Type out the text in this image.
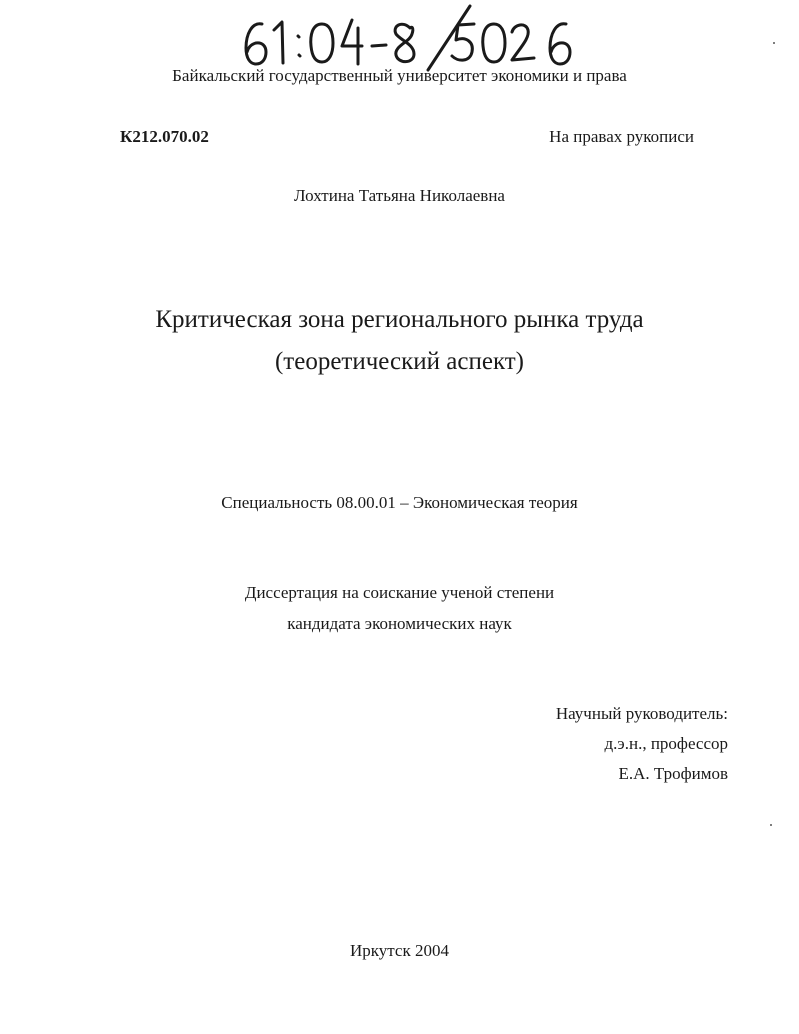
Байкальский государственный университет экономики и права
К212.070.02	На правах рукописи
Лохтина Татьяна Николаевна
Критическая зона регионального рынка труда
(теоретический аспект)
Специальность 08.00.01 – Экономическая теория
Диссертация на соискание ученой степени
кандидата экономических наук
Научный руководитель:
д.э.н., профессор
Е.А. Трофимов
Иркутск 2004
